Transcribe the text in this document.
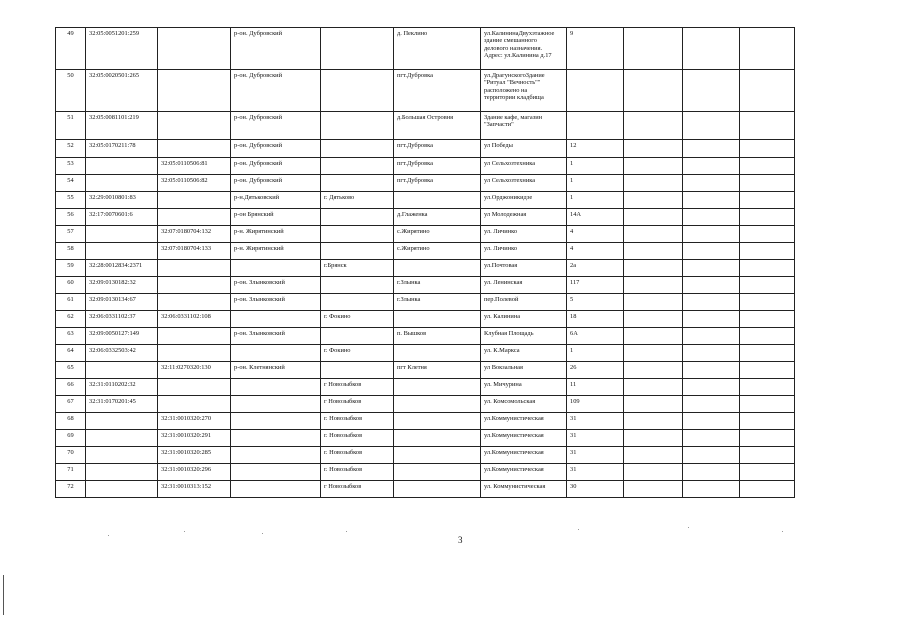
49	32:05:0051201:259		р-он. Дубровский		д. Пеклино	ул.КалининаДвухэтажное
здание смешанного
делового назначения.
Адрес: ул.Калинина д.17	9			
50	32:05:0020501:265		р-он. Дубровский		пгт.Дубровка	ул.ДрагунскогоЗдание
"Ритуал "Вечность""
расположено на
территории кладбища				
51	32:05:0081101:219		р-он. Дубровский		д.Большая Островня	Здание кафе, магазин
"Запчасти"				
52	32:05:0170211:78		р-он. Дубровский		пгт.Дубровка	ул Победы	12			
53		32:05:0110506:81	р-он. Дубровский		пгт.Дубровка	ул Сельхозтехника	1			
54		32:05:0110506:82	р-он. Дубровский		пгт.Дубровка	ул Сельхозтехника	1			
55	32:29:0010801:83		р-н.Дятьковский	г. Дятьково		ул.Орджоникидзе	1			
56	32:17:0070601:6		р-он Брянский		д.Глаженка	ул Молодежная	14А			
57		32:07:0180704:132	р-н. Жирятинский		с.Жирятино	ул. Личинко	4			
58		32:07:0180704:133	р-н. Жирятинский		с.Жирятино	ул. Личинко	4			
59	32:28:0012834:2371			г.Брянск		ул.Почтовая	2а			
60	32:09:0130182:32		р-он. Злынковский		г.Злынка	ул. Ленинская	117			
61	32:09:0130134:67		р-он. Злынковский		г.Злынка	пер.Полевой	5			
62	32:06:0331102:37	32:06:0331102:108		г. Фокино		ул. Калинина	18			
63	32:09:0050127:149		р-он. Злынковский		п. Вышков	Клубная Площадь	6А			
64	32:06:0332503:42			г. Фокино		ул. К.Маркса	1			
65		32:11:0270320:130	р-он. Клетнянский		пгт Клетня	ул Вокзальная	26			
66	32:31:0110202:32			г Новозыбков		ул. Мичурина	11			
67	32:31:0170201:45			г Новозыбков		ул. Комсомольская	109			
68		32:31:0010320:270		г. Новозыбков		ул.Коммунистическая	31			
69		32:31:0010320:291		г. Новозыбков		ул.Коммунистическая	31			
70		32:31:0010320:285		г. Новозыбков		ул.Коммунистическая	31			
71		32:31:0010320:296		г. Новозыбков		ул.Коммунистическая	31			
72		32:31:0010313:152		г Новозыбков		ул. Коммунистическая	30			
3
